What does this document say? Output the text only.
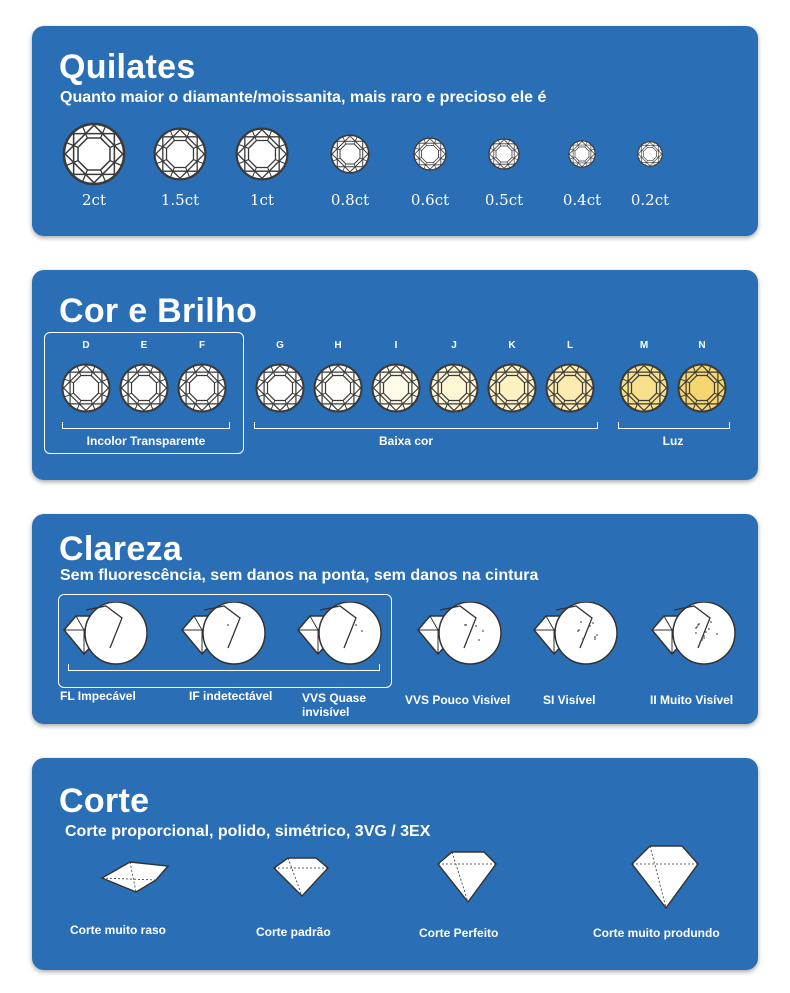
Quilates
Quanto maior o diamante/moissanita, mais raro e precioso ele é
2ct	1.5ct	1ct	0.8ct	0.6ct 0.5ct	0.4ct 0.2ct
Cor e Brilho
Incolor Transparente	Baixa cor	Luz
D	E	F	G	H	I	J	K	L	M	N
Clareza
Sem fluorescência, sem danos na ponta, sem danos na cintura
FL Impecável	IF indetectável VVS Quase invisível
VVS Pouco Visível	SI Visível	II Muito Visível
Corte
Corte proporcional, polido, simétrico, 3VG / 3EX
Corte muito raso	Corte padrão	Corte Perfeito	Corte muito produndo
